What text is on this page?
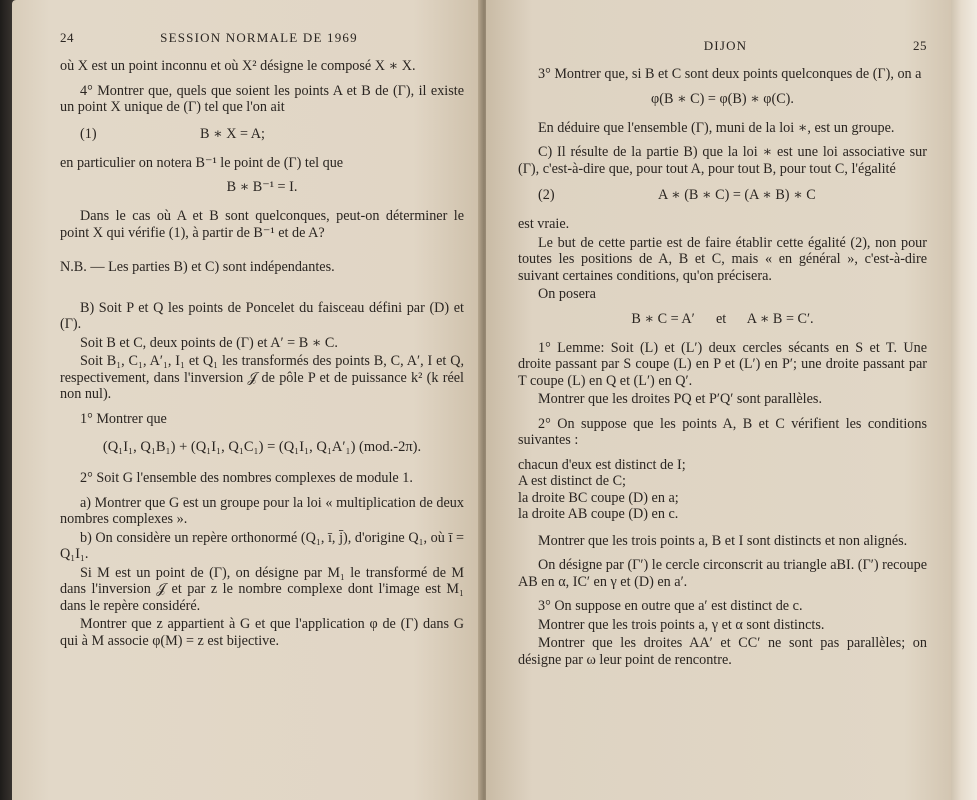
24	SESSION NORMALE DE 1969

où X est un point inconnu et où X² désigne le composé X ∗ X.

4° Montrer que, quels que soient les points A et B de (Γ), il existe un point X unique de (Γ) tel que l'on ait

(1)	B ∗ X = A;

en particulier on notera B⁻¹ le point de (Γ) tel que

B ∗ B⁻¹ = I.

Dans le cas où A et B sont quelconques, peut-on déterminer le point X qui vérifie (1), à partir de B⁻¹ et de A?

N.B. — Les parties B) et C) sont indépendantes.

B) Soit P et Q les points de Poncelet du faisceau défini par (D) et (Γ).

Soit B et C, deux points de (Γ) et A′ = B ∗ C.

Soit B₁, C₁, A′₁, I₁ et Q₁ les transformés des points B, C, A′, I et Q, respectivement, dans l'inversion 𝒥 de pôle P et de puissance k² (k réel non nul).

1° Montrer que

(Q₁I₁, Q₁B₁) + (Q₁I₁, Q₁C₁) = (Q₁I₁, Q₁A′₁) (mod.-2π).

2° Soit G l'ensemble des nombres complexes de module 1.

a) Montrer que G est un groupe pour la loi « multiplication de deux nombres complexes ».

b) On considère un repère orthonormé (Q₁, ī, j̄), d'origine Q₁, où ī = Q₁I₁.

Si M est un point de (Γ), on désigne par M₁ le transformé de M dans l'inversion 𝒥 et par z le nombre complexe dont l'image est M₁ dans le repère considéré.

Montrer que z appartient à G et que l'application φ de (Γ) dans G qui à M associe φ(M) = z est bijective.

DIJON	25

3° Montrer que, si B et C sont deux points quelconques de (Γ), on a

φ(B ∗ C) = φ(B) ∗ φ(C).

En déduire que l'ensemble (Γ), muni de la loi ∗, est un groupe.

C) Il résulte de la partie B) que la loi ∗ est une loi associative sur (Γ), c'est-à-dire que, pour tout A, pour tout B, pour tout C, l'égalité

(2)	A ∗ (B ∗ C) = (A ∗ B) ∗ C

est vraie.

Le but de cette partie est de faire établir cette égalité (2), non pour toutes les positions de A, B et C, mais « en général », c'est-à-dire suivant certaines conditions, qu'on précisera.

On posera

B ∗ C = A′      et      A ∗ B = C′.

1° Lemme: Soit (L) et (L′) deux cercles sécants en S et T. Une droite passant par S coupe (L) en P et (L′) en P′; une droite passant par T coupe (L) en Q et (L′) en Q′.

Montrer que les droites PQ et P′Q′ sont parallèles.

2° On suppose que les points A, B et C vérifient les conditions suivantes :

chacun d'eux est distinct de I;

A est distinct de C;

la droite BC coupe (D) en a;

la droite AB coupe (D) en c.

Montrer que les trois points a, B et I sont distincts et non alignés.

On désigne par (Γ′) le cercle circonscrit au triangle aBI. (Γ′) recoupe AB en α, IC′ en γ et (D) en a′.

3° On suppose en outre que a′ est distinct de c.

Montrer que les trois points a, γ et α sont distincts.

Montrer que les droites AA′ et CC′ ne sont pas parallèles; on désigne par ω leur point de rencontre.
